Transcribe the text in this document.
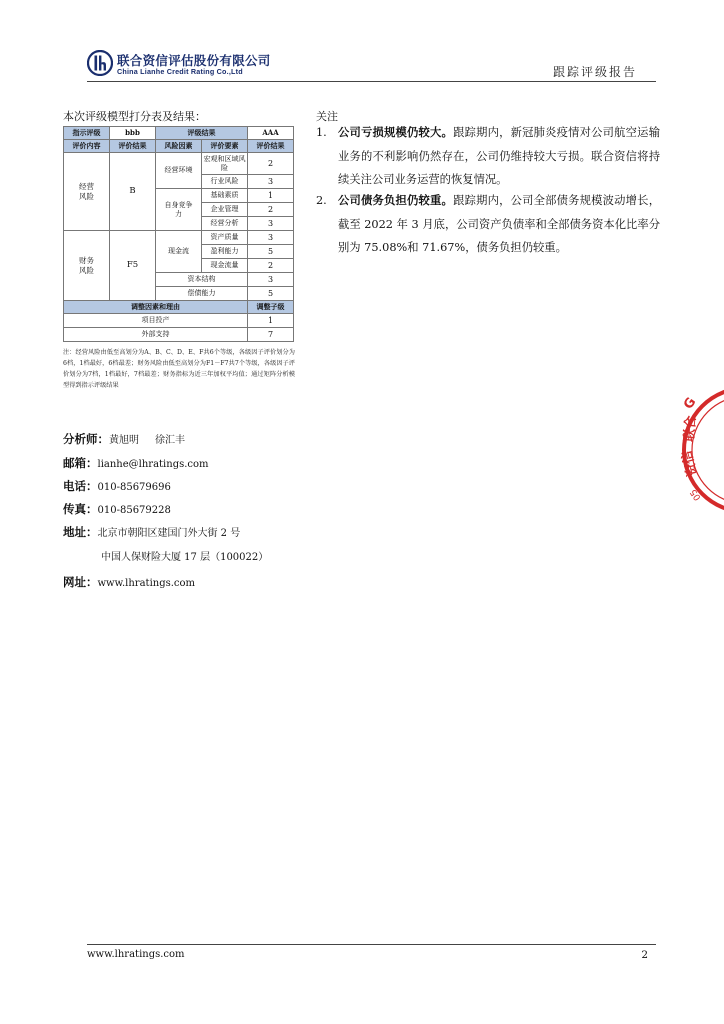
联合资信评估股份有限公司
China Lianhe Credit Rating Co.,Ltd	跟踪评级报告
本次评级模型打分表及结果：
指示评级	bbb	评级结果		AAA
评价内容	评价结果	风险因素	评价要素	评价结果
经营
风险	B	经营环境	宏观和区域风险	2
			行业风险	3
		自身竞争力	基础素质	1
			企业管理	2
			经营分析	3
财务
风险	F5	现金流	资产质量	3
			盈利能力	5
			现金流量	2
		资本结构		3
		偿债能力		5
调整因素和理由				调整子级
项目投产				1
外部支持				7
注：经营风险由低至高划分为A、B、C、D、E、F共6个等级，各级因子评价划分为6档，1档最好，6档最差；财务风险由低至高划分为F1－F7共7个等级，各级因子评价划分为7档，1档最好，7档最差；财务指标为近三年加权平均值；通过矩阵分析模型得到指示评级结果
分析师：黄旭明 徐汇丰
邮箱：lianhe@lhratings.com
电话：010-85679696
传真：010-85679228
地址：北京市朝阳区建国门外大街 2 号
中国人保财险大厦 17 层（100022）
网址：www.lhratings.com
关注
1. 公司亏损规模仍较大。跟踪期内，新冠肺炎疫情对公司航空运输业务的不利影响仍然存在，公司仍维持较大亏损。联合资信将持续关注公司业务运营的恢复情况。
2. 公司债务负担仍较重。跟踪期内，公司全部债务规模波动增长，截至 2022 年 3 月底，公司资产负债率和全部债务资本化比率分别为 75.08%和 71.67%，债务负担仍较重。
G
联合
资信
05
www.lhratings.com	2
